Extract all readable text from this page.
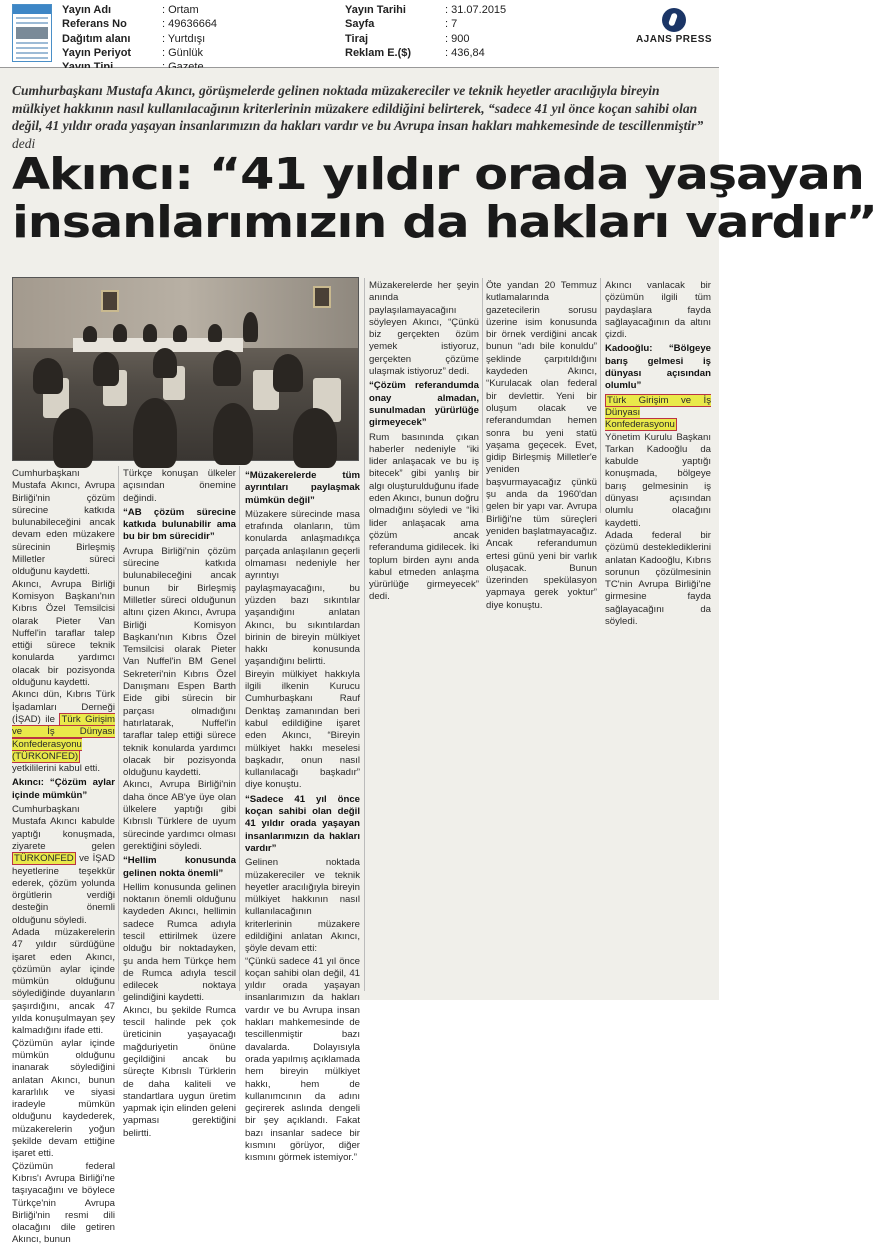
Yayın Adı	: Ortam
Referans No	: 49636664
Dağıtım alanı	: Yurtdışı
Yayın Periyot	: Günlük
Yayın Tarihi	: 31.07.2015
Sayfa	: 7
Tiraj	: 900
Reklam E.($)	: 436,84
AJANS PRESS
Cumhurbaşkanı Mustafa Akıncı, görüşmelerde gelinen noktada müzakereciler ve teknik heyetler aracılığıyla bireyin mülkiyet hakkının nasıl kullanılacağının kriterlerinin müzakere edildiğini belirterek, “sadece 41 yıl önce koçan sahibi olan değil, 41 yıldır orada yaşayan insanlarımızın da hakları vardır ve bu Avrupa insan hakları mahkemesinde de tescillenmiştir” dedi
Akıncı: “41 yıldır orada yaşayan
insanlarımızın da hakları vardır”

Cumhurbaşkanı Mustafa Akıncı, Avrupa Birliği'nin çözüm sürecine katkıda bulunabileceğini ancak devam eden müzakere sürecinin Birleşmiş Milletler süreci olduğunu kaydetti.

Akıncı, Avrupa Birliği Komisyon Başkanı'nın Kıbrıs Özel Temsilcisi olarak Pieter Van Nuffel'in taraflar talep ettiği sürece teknik konularda yardımcı olacak bir pozisyonda olduğunu kaydetti.

Akıncı dün, Kıbrıs Türk İşadamları Derneği (İŞAD) ile Türk Girişim ve İş Dünyası Konfederasyonu (TÜRKONFED) yetkililerini kabul etti.

Akıncı: “Çözüm aylar içinde mümkün”

Cumhurbaşkanı Mustafa Akıncı kabulde yaptığı konuşmada, ziyarete gelen TÜRKONFED ve İŞAD heyetlerine teşekkür ederek, çözüm yolunda örgütlerin verdiği desteğin önemli olduğunu söyledi.

Adada müzakerelerin 47 yıldır sürdüğüne işaret eden Akıncı, çözümün aylar içinde mümkün olduğunu söylediğinde duyanların şaşırdığını, ancak 47 yılda konuşulmayan şey kalmadığını ifade etti.

Çözümün aylar içinde mümkün olduğunu inanarak söylediğini anlatan Akıncı, bunun kararlılık ve siyasi iradeyle mümkün olduğunu kaydederek, müzakerelerin yoğun şekilde devam ettiğine işaret etti.

Çözümün federal Kıbrıs'ı Avrupa Birliği'ne taşıyacağını ve böylece Türkçe'nin Avrupa Birliği'nin resmi dili olacağını dile getiren Akıncı, bunun

Türkçe konuşan ülkeler açısından önemine değindi.

“AB çözüm sürecine katkıda bulunabilir ama bu bir bm sürecidir”

Avrupa Birliği'nin çözüm sürecine katkıda bulunabileceğini ancak bunun bir Birleşmiş Milletler süreci olduğunun altını çizen Akıncı, Avrupa Birliği Komisyon Başkanı'nın Kıbrıs Özel Temsilcisi olarak Pieter Van Nuffel'in BM Genel Sekreteri'nin Kıbrıs Özel Danışmanı Espen Barth Eide gibi sürecin bir parçası olmadığını hatırlatarak, Nuffel'in taraflar talep ettiği sürece teknik konularda yardımcı olacak bir pozisyonda olduğunu kaydetti.

Akıncı, Avrupa Birliği'nin daha önce AB'ye üye olan ülkelere yaptığı gibi Kıbrıslı Türklere de uyum sürecinde yardımcı olması gerektiğini söyledi.

“Hellim konusunda gelinen nokta önemli”

Hellim konusunda gelinen noktanın önemli olduğunu kaydeden Akıncı, hellimin sadece Rumca adıyla tescil ettirilmek üzere olduğu bir noktadayken, şu anda hem Türkçe hem de Rumca adıyla tescil edilecek noktaya gelindiğini kaydetti.

Akıncı, bu şekilde Rumca tescil halinde pek çok üreticinin yaşayacağı mağduriyetin önüne geçildiğini ancak bu süreçte Kıbrıslı Türklerin de daha kaliteli ve standartlara uygun üretim yapmak için elinden geleni yapması gerektiğini belirtti.

“Müzakerelerde tüm ayrıntıları paylaşmak mümkün değil”

Müzakere sürecinde masa etrafında olanların, tüm konularda anlaşmadıkça parçada anlaşılanın geçerli olmaması nedeniyle her ayrıntıyı paylaşmayacağını, bu yüzden bazı sıkıntılar yaşandığını anlatan Akıncı, bu sıkıntılardan birinin de bireyin mülkiyet hakkı konusunda yaşandığını belirtti.

Bireyin mülkiyet hakkıyla ilgili ilkenin Kurucu Cumhurbaşkanı Rauf Denktaş zamanından beri kabul edildiğine işaret eden Akıncı, “Bireyin mülkiyet hakkı meselesi başkadır, onun nasıl kullanılacağı başkadır” diye konuştu.

“Sadece 41 yıl önce koçan sahibi olan değil 41 yıldır orada yaşayan insanlarımızın da hakları vardır”

Gelinen noktada müzakereciler ve teknik heyetler aracılığıyla bireyin mülkiyet hakkının nasıl kullanılacağının kriterlerinin müzakere edildiğini anlatan Akıncı, şöyle devam etti:

“Çünkü sadece 41 yıl önce koçan sahibi olan değil, 41 yıldır orada yaşayan insanlarımızın da hakları vardır ve bu Avrupa insan hakları mahkemesinde de tescillenmiştir bazı davalarda. Dolayısıyla orada yapılmış açıklamada hem bireyin mülkiyet hakkı, hem de kullanımcının da adını geçirerek aslında dengeli bir şey açıklandı. Fakat bazı insanlar sadece bir kısmını görüyor, diğer kısmını görmek istemiyor.”

Müzakerelerde her şeyin anında paylaşılamayacağını söyleyen Akıncı, “Çünkü biz gerçekten özüm yemek istiyoruz, gerçekten çözüme ulaşmak istiyoruz” dedi.

“Çözüm referandumda onay almadan, sunulmadan yürürlüğe girmeyecek”

Rum basınında çıkan haberler nedeniyle “iki lider anlaşacak ve bu iş bitecek” gibi yanlış bir algı oluşturulduğunu ifade eden Akıncı, bunun doğru olmadığını söyledi ve “İki lider anlaşacak ama çözüm ancak referanduma gidilecek. İki toplum birden aynı anda kabul etmeden anlaşma yürürlüğe girmeyecek” dedi.

Öte yandan 20 Temmuz kutlamalarında gazetecilerin sorusu üzerine isim konusunda bir örnek verdiğini ancak bunun “adı bile konuldu” şeklinde çarpıtıldığını kaydeden Akıncı, “Kurulacak olan federal bir devlettir. Yeni bir oluşum olacak ve referandumdan hemen sonra bu yeni statü yaşama geçecek. Evet, gidip Birleşmiş Milletler'e yeniden başvurmayacağız çünkü şu anda da 1960'dan gelen bir yapı var. Avrupa Birliği'ne tüm süreçleri yeniden başlatmayacağız. Ancak referandumun ertesi günü yeni bir varlık oluşacak. Bunun üzerinden spekülasyon yapmaya gerek yoktur” diye konuştu.

Akıncı vanlacak bir çözümün ilgili tüm paydaşlara fayda sağlayacağının da altını çizdi.

Kadooğlu: “Bölgeye barış gelmesi iş dünyası açısından olumlu”

Türk Girişim ve İş Dünyası Konfederasyonu Yönetim Kurulu Başkanı Tarkan Kadooğlu da kabulde yaptığı konuşmada, bölgeye barış gelmesinin iş dünyası açısından olumlu olacağını kaydetti.

Adada federal bir çözümü desteklediklerini anlatan Kadooğlu, Kıbrıs sorunun çözülmesinin TC'nin Avrupa Birliği'ne girmesine fayda sağlayacağını da söyledi.
